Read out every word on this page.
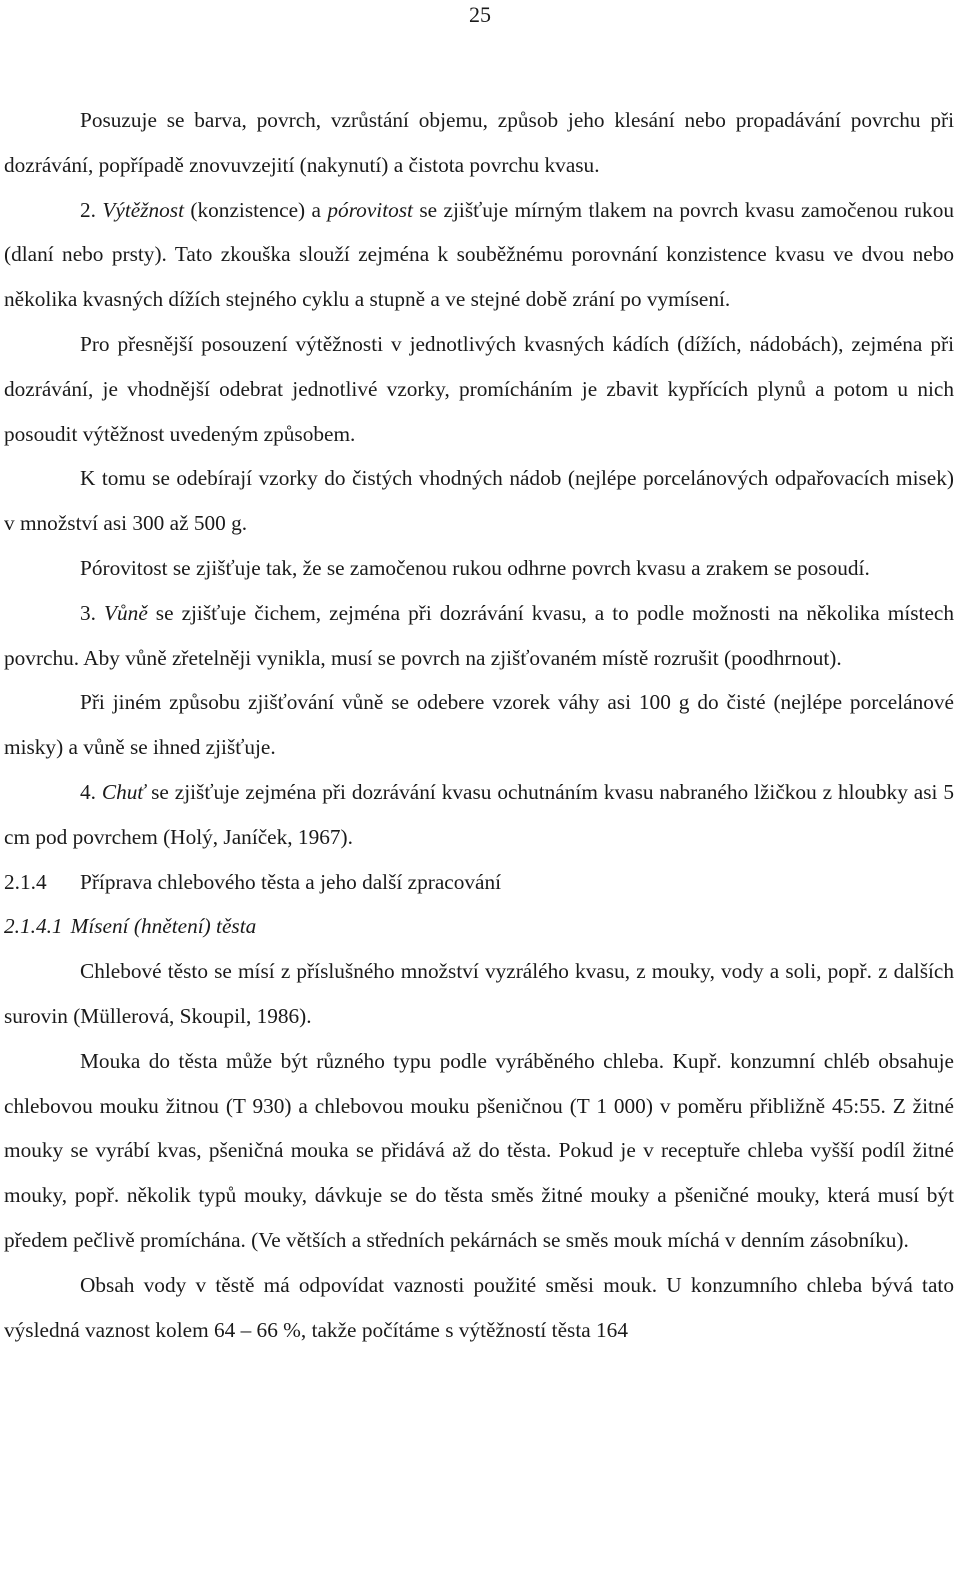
25

Posuzuje se barva, povrch, vzrůstání objemu, způsob jeho klesání nebo propadávání povrchu při dozrávání, popřípadě znovuvzejití (nakynutí) a čistota povrchu kvasu.

2. Výtěžnost (konzistence) a pórovitost se zjišťuje mírným tlakem na povrch kvasu zamočenou rukou (dlaní nebo prsty). Tato zkouška slouží zejména k souběžnému porovnání konzistence kvasu ve dvou nebo několika kvasných dížích stejného cyklu a stupně a ve stejné době zrání po vymísení.

Pro přesnější posouzení výtěžnosti v jednotlivých kvasných kádích (dížích, nádobách), zejména při dozrávání, je vhodnější odebrat jednotlivé vzorky, promícháním je zbavit kypřících plynů a potom u nich posoudit výtěžnost uvedeným způsobem.

K tomu se odebírají vzorky do čistých vhodných nádob (nejlépe porcelánových odpařovacích misek) v množství asi 300 až 500 g.

Pórovitost se zjišťuje tak, že se zamočenou rukou odhrne povrch kvasu a zrakem se posoudí.

3. Vůně se zjišťuje čichem, zejména při dozrávání kvasu, a to podle možnosti na několika místech povrchu. Aby vůně zřetelněji vynikla, musí se povrch na zjišťovaném místě rozrušit (poodhrnout).

Při jiném způsobu zjišťování vůně se odebere vzorek váhy asi 100 g do čisté (nejlépe porcelánové misky) a vůně se ihned zjišťuje.

4. Chuť se zjišťuje zejména při dozrávání kvasu ochutnáním kvasu nabraného lžičkou z hloubky asi 5 cm pod povrchem (Holý, Janíček, 1967).

2.1.4 Příprava chlebového těsta a jeho další zpracování

2.1.4.1 Mísení (hnětení) těsta

Chlebové těsto se mísí z příslušného množství vyzrálého kvasu, z mouky, vody a soli, popř. z dalších surovin (Müllerová, Skoupil, 1986).

Mouka do těsta může být různého typu podle vyráběného chleba. Kupř. konzumní chléb obsahuje chlebovou mouku žitnou (T 930) a chlebovou mouku pšeničnou (T 1 000) v poměru přibližně 45:55. Z žitné mouky se vyrábí kvas, pšeničná mouka se přidává až do těsta. Pokud je v receptuře chleba vyšší podíl žitné mouky, popř. několik typů mouky, dávkuje se do těsta směs žitné mouky a pšeničné mouky, která musí být předem pečlivě promíchána. (Ve větších a středních pekárnách se směs mouk míchá v denním zásobníku).

Obsah vody v těstě má odpovídat vaznosti použité směsi mouk. U konzumního chleba bývá tato výsledná vaznost kolem 64 – 66 %, takže počítáme s výtěžností těsta 164
